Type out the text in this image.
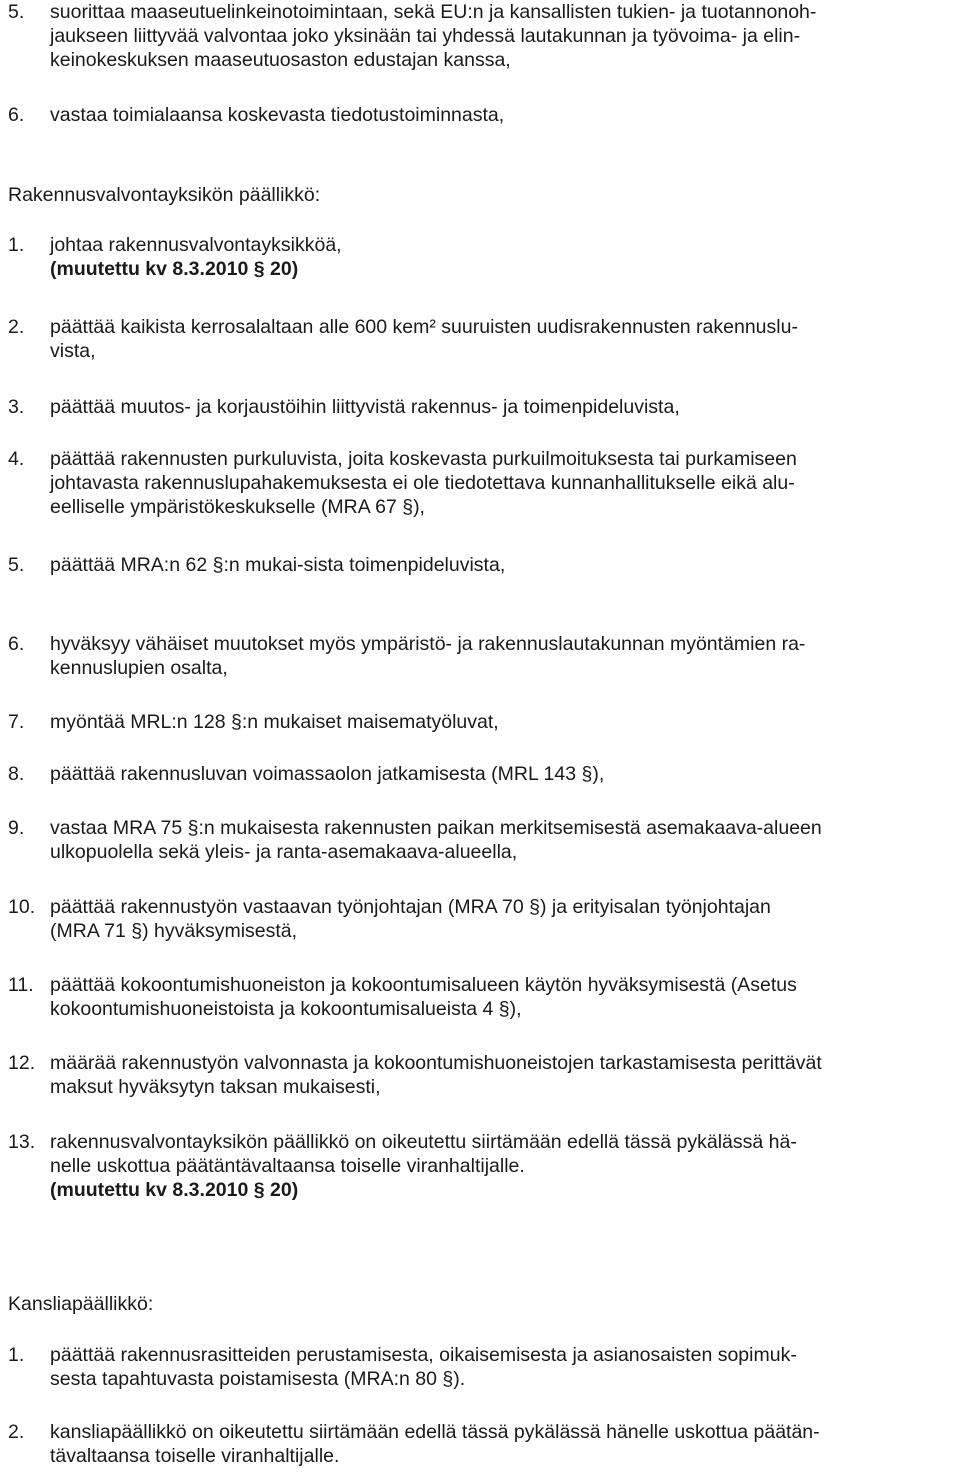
5. suorittaa maaseutuelinkeinotoimintaan, sekä EU:n ja kansallisten tukien- ja tuotannonoh-
jaukseen liittyvää valvontaa joko yksinään tai yhdessä lautakunnan ja työvoima- ja elin-
keinokeskuksen maaseutuosaston edustajan kanssa,
6. vastaa toimialaansa koskevasta tiedotustoiminnasta,
Rakennusvalvontayksikön päällikkö:
1. johtaa rakennusvalvontayksikköä,
(muutettu kv 8.3.2010 § 20)
2. päättää kaikista kerrosalaltaan alle 600 kem² suuruisten uudisrakennusten rakennuslu-
vista,
3. päättää muutos- ja korjaustöihin liittyvistä rakennus- ja toimenpideluvista,
4. päättää rakennusten purkuluvista, joita koskevasta purkuilmoituksesta tai purkamiseen
johtavasta rakennuslupahakemuksesta ei ole tiedotettava kunnanhallitukselle eikä alu-
eelliselle ympäristökeskukselle (MRA 67 §),
5. päättää MRA:n 62 §:n mukai-sista toimenpideluvista,
6. hyväksyy vähäiset muutokset myös ympäristö- ja rakennuslautakunnan myöntämien ra-
kennuslupien osalta,
7. myöntää MRL:n 128 §:n mukaiset maisematyöluvat,
8. päättää rakennusluvan voimassaolon jatkamisesta (MRL 143 §),
9. vastaa MRA 75 §:n mukaisesta rakennusten paikan merkitsemisestä asemakaava-alueen
ulkopuolella sekä yleis- ja ranta-asemakaava-alueella,
10. päättää rakennustyön vastaavan työnjohtajan (MRA 70 §) ja erityisalan työnjohtajan
(MRA 71 §) hyväksymisestä,
11. päättää kokoontumishuoneiston ja kokoontumisalueen käytön hyväksymisestä (Asetus
kokoontumishuoneistoista ja kokoontumisalueista 4 §),
12. määrää rakennustyön valvonnasta ja kokoontumishuoneistojen tarkastamisesta perittävät
maksut hyväksytyn taksan mukaisesti,
13. rakennusvalvontayksikön päällikkö on oikeutettu siirtämään edellä tässä pykälässä hä-
nelle uskottua päätäntävaltaansa toiselle viranhaltijalle.
(muutettu kv 8.3.2010 § 20)
Kansliapäällikkö:
1. päättää rakennusrasitteiden perustamisesta, oikaisemisesta ja asianosaisten sopimuk-
sesta tapahtuvasta poistamisesta (MRA:n 80 §).
2. kansliapäällikkö on oikeutettu siirtämään edellä tässä pykälässä hänelle uskottua päätän-
tävaltaansa toiselle viranhaltijalle.
